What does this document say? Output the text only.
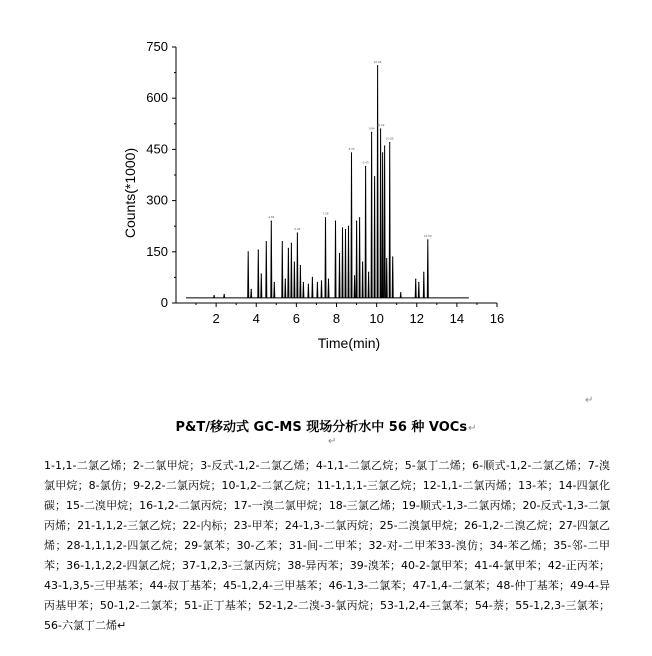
2	4	6	8 10 12 14 16
0
150
300
450
600
750
4.63
6.03
7.28
8.79
9.43
9.84
10.06
10.22
10.65
12.53
Time(min)
Counts(*1000)
↵
P&T/移动式 GC-MS 现场分析水中 56 种 VOCs↵
↵
1-1,1-二氯乙烯；2-二氯甲烷；3-反式-1,2-二氯乙烯；4-1,1-二氯乙烷；5-氯丁二烯；6-顺式-1,2-二氯乙烯；7-溴氯甲烷；8-氯仿；9-2,2-二氯丙烷；10-1,2-二氯乙烷；11-1,1,1-三氯乙烷；12-1,1-二氯丙烯；13-苯；14-四氯化碳；15-二溴甲烷；16-1,2-二氯丙烷；17-一溴二氯甲烷；18-三氯乙烯；19-顺式-1,3-二氯丙烯；20-反式-1,3-二氯丙烯；21-1,1,2-三氯乙烷；22-内标；23-甲苯；24-1,3-二氯丙烷；25-二溴氯甲烷；26-1,2-二溴乙烷；27-四氯乙烯；28-1,1,1,2-四氯乙烷；29-氯苯；30-乙苯；31-间-二甲苯；32-对-二甲苯33-溴仿；34-苯乙烯；35-邻-二甲苯；36-1,1,2,2-四氯乙烷；37-1,2,3-三氯丙烷；38-异丙苯；39-溴苯；40-2-氯甲苯；41-4-氯甲苯；42-正丙苯；43-1,3,5-三甲基苯；44-叔丁基苯；45-1,2,4-三甲基苯；46-1,3-二氯苯；47-1,4-二氯苯；48-仲丁基苯；49-4-异丙基甲苯；50-1,2-二氯苯；51-正丁基苯；52-1,2-二溴-3-氯丙烷；53-1,2,4-三氯苯；54-萘；55-1,2,3-三氯苯；56-六氯丁二烯↵
